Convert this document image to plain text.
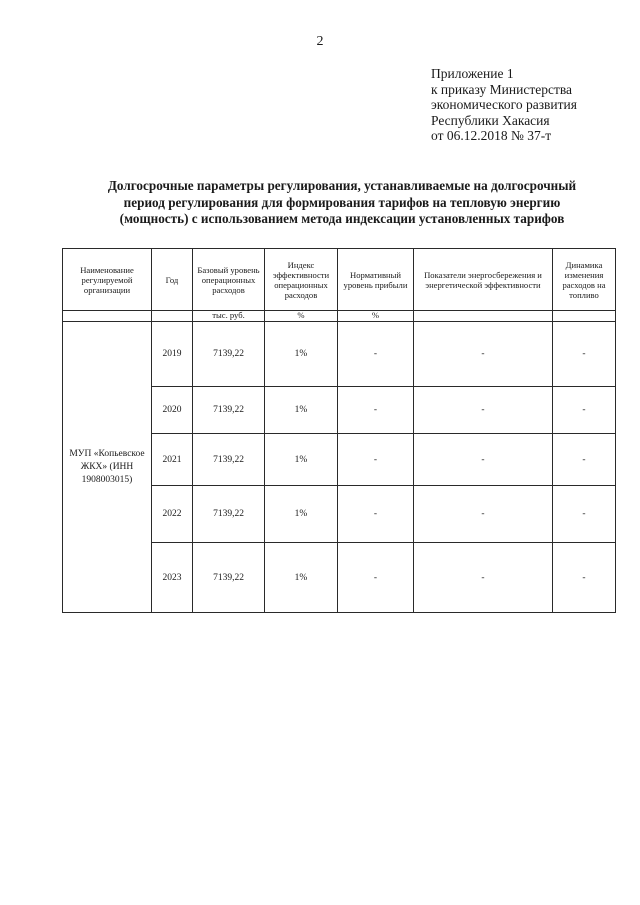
2
Приложение 1
к приказу Министерства
экономического развития
Республики Хакасия
от 06.12.2018 № 37-т
Долгосрочные параметры регулирования, устанавливаемые на долгосрочный
период регулирования для формирования тарифов на тепловую энергию
(мощность) с использованием метода индексации установленных тарифов
Наименование регулируемой организации	Год	Базовый уровень операционных расходов	Индекс эффективности операционных расходов	Нормативный уровень прибыли	Показатели энергосбережения и энергетической эффективности	Динамика изменения расходов на топливо
		тыс. руб.	%	%		
МУП «Копьевское ЖКХ» (ИНН 1908003015)	2019	7139,22	1%	-	-	-
	2020	7139,22	1%	-	-	-
	2021	7139,22	1%	-	-	-
	2022	7139,22	1%	-	-	-
	2023	7139,22	1%	-	-	-
